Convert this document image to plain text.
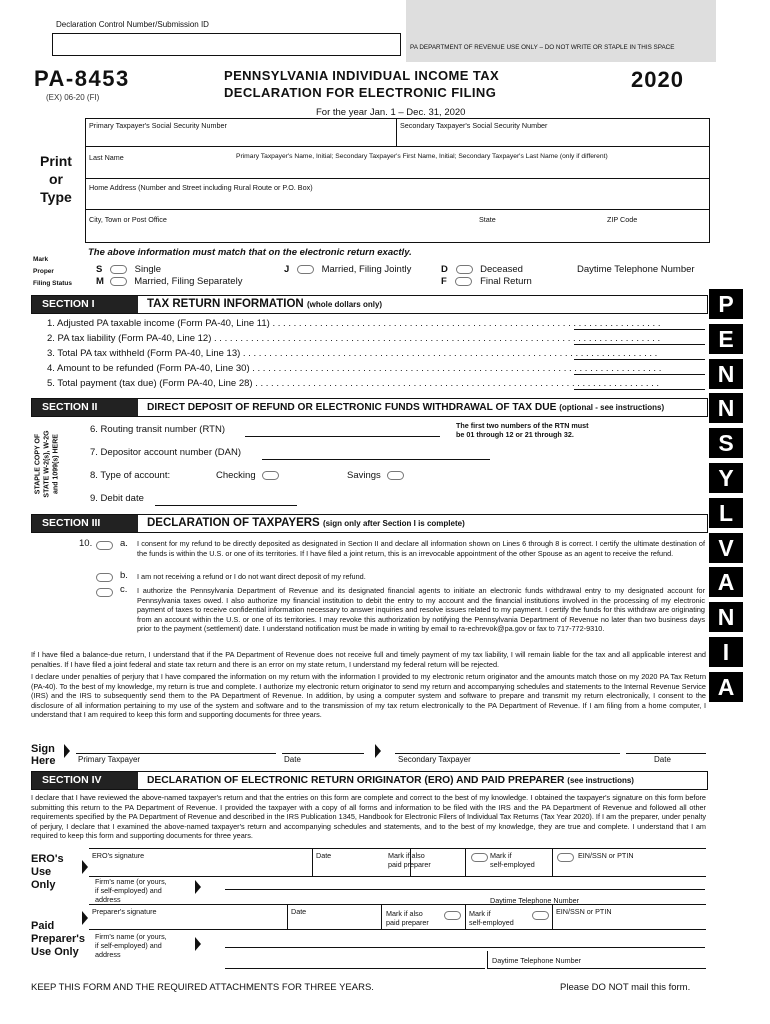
PA DEPARTMENT OF REVENUE USE ONLY – DO NOT WRITE OR STAPLE IN THIS SPACE
Declaration Control Number/Submission ID
PA-8453
(EX) 06-20 (FI)
PENNSYLVANIA INDIVIDUAL INCOME TAX
DECLARATION FOR ELECTRONIC FILING
2020
For the year Jan. 1 – Dec. 31, 2020
Primary Taxpayer's Social Security Number	Secondary Taxpayer's Social Security Number
Print
or
Type
Last Name	Primary Taxpayer's Name, Initial; Secondary Taxpayer's First Name, Initial; Secondary Taxpayer's Last Name (only if different)
Home Address (Number and Street including Rural Route or P.O. Box)
City, Town or Post Office	State	ZIP Code
The above information must match that on the electronic return exactly.
Mark
Proper
Filing Status
S	Single
M	Married, Filing Separately
J	Married, Filing Jointly	D	Deceased
F	Final Return
Daytime Telephone Number
SECTION I	TAX RETURN INFORMATION (whole dollars only)
1. Adjusted PA taxable income (Form PA-40, Line 11) . . . . . . . . . . . . . . . . . . . . . . . . . . . . . . . . . . . . . . . . . . . . . . . . . . . . . . . . . . . . . . . . . . . . . . . . . .
2. PA tax liability (Form PA-40, Line 12) . . . . . . . . . . . . . . . . . . . . . . . . . . . . . . . . . . . . . . . . . . . . . . . . . . . . . . . . . . . . . . . . . . . . . . . . . . . . . . . . . . . . .
3. Total PA tax withheld (Form PA-40, Line 13) . . . . . . . . . . . . . . . . . . . . . . . . . . . . . . . . . . . . . . . . . . . . . . . . . . . . . . . . . . . . . . . . . . . . . . . . . . . . . . .
4. Amount to be refunded (Form PA-40, Line 30) . . . . . . . . . . . . . . . . . . . . . . . . . . . . . . . . . . . . . . . . . . . . . . . . . . . . . . . . . . . . . . . . . . . . . . . . . . . . . .
5. Total payment (tax due) (Form PA-40, Line 28) . . . . . . . . . . . . . . . . . . . . . . . . . . . . . . . . . . . . . . . . . . . . . . . . . . . . . . . . . . . . . . . . . . . . . . . . . . . . .
SECTION II	DIRECT DEPOSIT OF REFUND OR ELECTRONIC FUNDS WITHDRAWAL OF TAX DUE (optional - see instructions)
STAPLE COPY OF STATE W-2(s), W-2G and 1099(s) HERE
6. Routing transit number (RTN)	The first two numbers of the RTN must
be 01 through 12 or 21 through 32.
7. Depositor account number (DAN)
8. Type of account:	Checking	Savings
9. Debit date
SECTION III	DECLARATION OF TAXPAYERS (sign only after Section I is complete)
10.	a. I consent for my refund to be directly deposited as designated in Section II and declare all information shown on Lines 6 through 8 is correct. I certify the ultimate destination of the funds is within the U.S. or one of its territories. If I have filed a joint return, this is an irrevocable appointment of the other Spouse as an agent to receive the refund.
b. I am not receiving a refund or I do not want direct deposit of my refund.
c. I authorize the Pennsylvania Department of Revenue and its designated financial agents to initiate an electronic funds withdrawal entry to my designated account for Pennsylvania taxes owed. I also authorize my financial institution to debit the entry to my account and the financial institutions involved in the processing of my electronic payment of taxes to receive confidential information necessary to answer inquiries and resolve issues related to my payment. I certify the funds for this withdraw are originating from an account within the U.S. or one of its territories. I may revoke this authorization by notifying the Pennsylvania Department of Revenue no later than two business days prior to the payment (settlement) date. I understand notification must be made in writing by email to ra-echrevok@pa.gov or fax to 717-772-9310.
If I have filed a balance-due return, I understand that if the PA Department of Revenue does not receive full and timely payment of my tax liability, I will remain liable for the tax and all applicable interest and penalties. If I have filed a joint federal and state tax return and there is an error on my state return, I understand my federal return will be rejected.
I declare under penalties of perjury that I have compared the information on my return with the information I provided to my electronic return originator and the amounts match those on my 2020 PA Tax Return (PA-40). To the best of my knowledge, my return is true and complete. I authorize my electronic return originator to send my return and accompanying schedules and statements to the Internal Revenue Service (IRS) and the IRS to subsequently send them to the PA Department of Revenue. In addition, by using a computer system and software to prepare and transmit my return electronically, I consent to the disclosure of all information pertaining to my use of the system and software and to the transmission of my tax return electronically to the PA Department of Revenue. If I am filing from a home computer, I understand that I am required to keep this form and supporting documents for three years.
Sign
Here	Primary Taxpayer	Date	Secondary Taxpayer	Date
SECTION IV	DECLARATION OF ELECTRONIC RETURN ORIGINATOR (ERO) AND PAID PREPARER (see instructions)
I declare that I have reviewed the above-named taxpayer's return and that the entries on this form are complete and correct to the best of my knowledge. I obtained the taxpayer's signature on this form before submitting this return to the PA Department of Revenue. I provided the taxpayer with a copy of all forms and information to be filed with the IRS and the PA Department of Revenue and followed all other requirements specified by the PA Department of Revenue and described in the IRS Publication 1345, Handbook for Electronic Filers of Individual Tax Returns (Tax Year 2020). If I am the preparer, under penalty of perjury, I declare that I examined the above-named taxpayer's return and accompanying schedules and statements, and to the best of my knowledge, they are true and complete. I understand that I am required to keep this form and supporting documents for three years.
ERO's
Use
Only
ERO's signature	Date	Mark if also
paid preparer
Mark if
self-employed
EIN/SSN or PTIN
Firm's name (or yours,
if self-employed) and
address	Daytime Telephone Number
Preparer's signature	Date	Mark if also
paid preparer
Mark if
self-employed
EIN/SSN or PTIN
Paid
Preparer's
Use Only
Firm's name (or yours,
if self-employed) and
address
Daytime Telephone Number
KEEP THIS FORM AND THE REQUIRED ATTACHMENTS FOR THREE YEARS.	Please DO NOT mail this form.
P
E
N
N
S
Y
L
V
A
N
I
A
